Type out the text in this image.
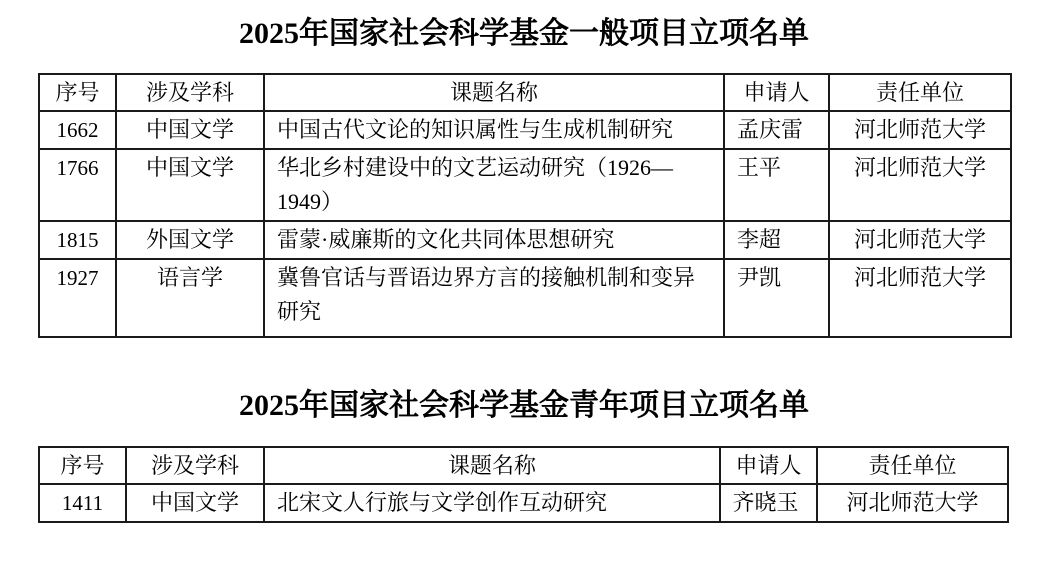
2025年国家社会科学基金一般项目立项名单
序号	涉及学科	课题名称	申请人	责任单位
1662	中国文学	中国古代文论的知识属性与生成机制研究	孟庆雷	河北师范大学
1766	中国文学	华北乡村建设中的文艺运动研究（1926—1949）	王平	河北师范大学
1815	外国文学	雷蒙·威廉斯的文化共同体思想研究	李超	河北师范大学
1927	语言学	冀鲁官话与晋语边界方言的接触机制和变异研究	尹凯	河北师范大学
2025年国家社会科学基金青年项目立项名单
序号	涉及学科	课题名称	申请人	责任单位
1411	中国文学	北宋文人行旅与文学创作互动研究	齐晓玉	河北师范大学
